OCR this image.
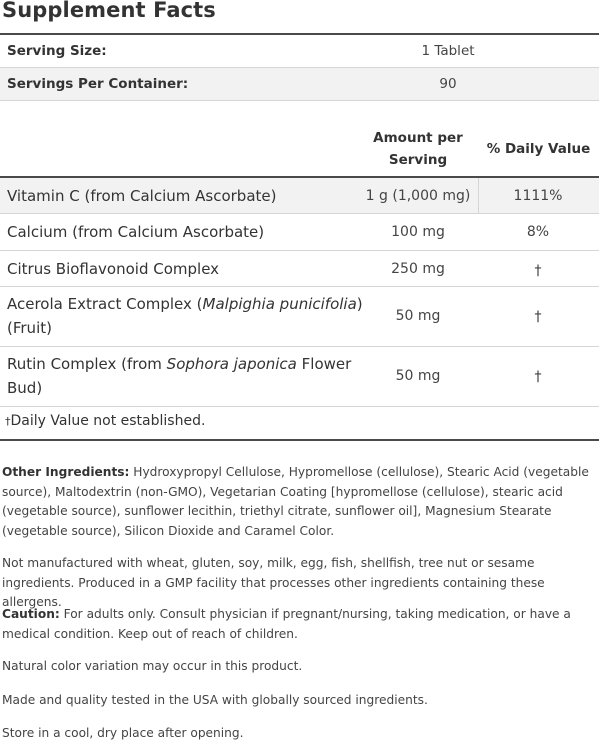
Supplement Facts
Serving Size:	1 Tablet
Servings Per Container:	90
Amount per
Serving
% Daily Value
Vitamin C (from Calcium Ascorbate)	1 g (1,000 mg)	1111%
Calcium (from Calcium Ascorbate)	100 mg	8%
Citrus Bioflavonoid Complex	250 mg	†
Acerola Extract Complex (Malpighia punicifolia)
(Fruit)
50 mg	†
Rutin Complex (from Sophora japonica Flower
Bud)
50 mg	†
†Daily Value not established.
Other Ingredients: Hydroxypropyl Cellulose, Hypromellose (cellulose), Stearic Acid (vegetable source), Maltodextrin (non-GMO), Vegetarian Coating [hypromellose (cellulose), stearic acid (vegetable source), sunflower lecithin, triethyl citrate, sunflower oil], Magnesium Stearate (vegetable source), Silicon Dioxide and Caramel Color.
Not manufactured with wheat, gluten, soy, milk, egg, fish, shellfish, tree nut or sesame ingredients. Produced in a GMP facility that processes other ingredients containing these allergens.
Caution: For adults only. Consult physician if pregnant/nursing, taking medication, or have a medical condition. Keep out of reach of children.
Natural color variation may occur in this product.
Made and quality tested in the USA with globally sourced ingredients.
Store in a cool, dry place after opening.
